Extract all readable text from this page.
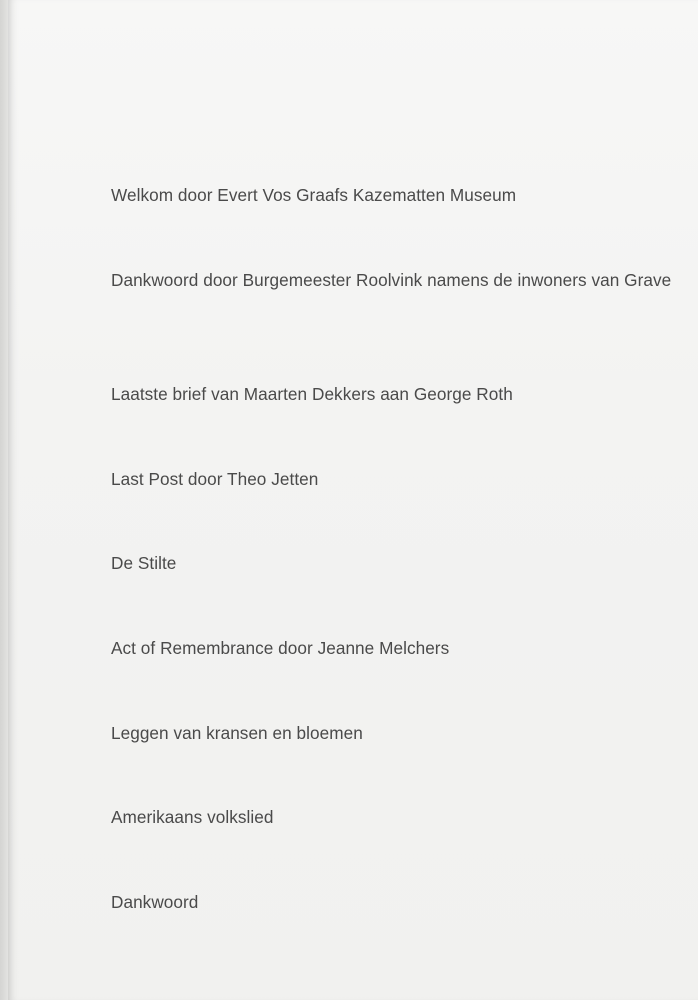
Welkom door Evert Vos Graafs Kazematten Museum
Dankwoord door Burgemeester Roolvink namens de inwoners van Grave
Laatste brief van Maarten Dekkers aan George Roth
Last Post door Theo Jetten
De Stilte
Act of Remembrance door Jeanne Melchers
Leggen van kransen en bloemen
Amerikaans volkslied
Dankwoord
